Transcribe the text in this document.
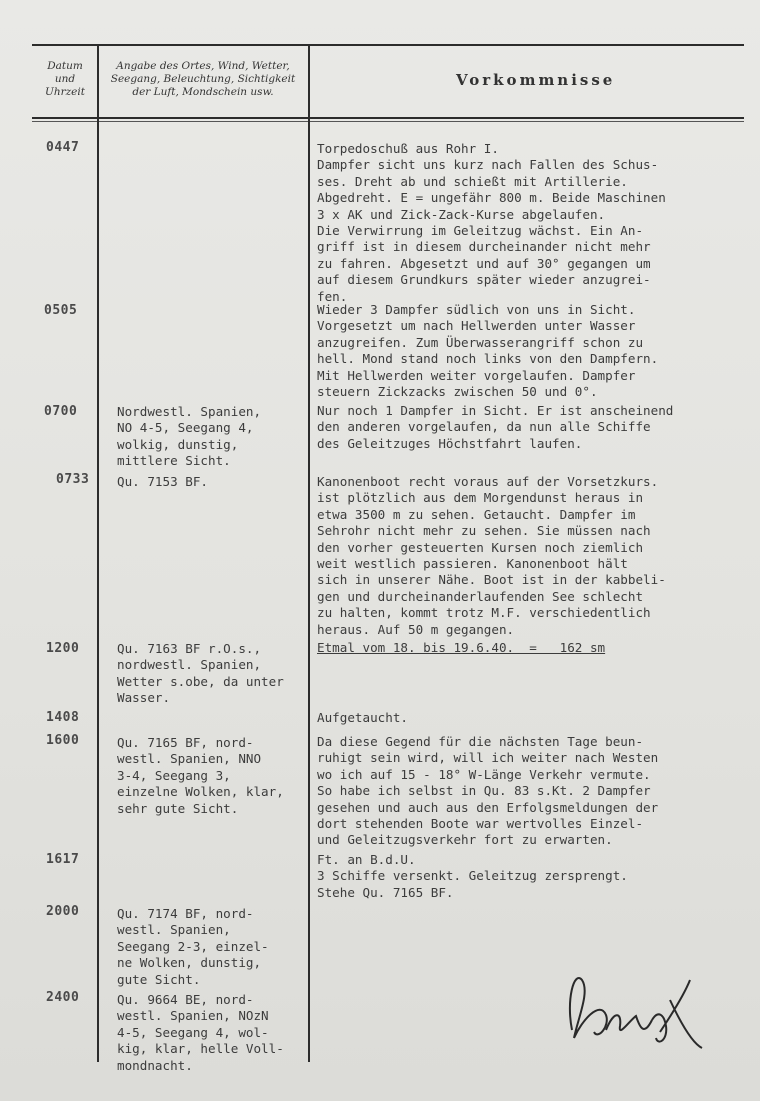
Datum
und
Uhrzeit
Angabe des Ortes, Wind, Wetter,
Seegang, Beleuchtung, Sichtigkeit
der Luft, Mondschein usw.
Vorkommnisse
0447
0505
0700
0733
1200
1408
1600
1617
2000
2400
Nordwestl. Spanien,
NO 4-5, Seegang 4,
wolkig, dunstig,
mittlere Sicht.
Qu. 7153 BF.
Qu. 7163 BF r.O.s.,
nordwestl. Spanien,
Wetter s.obe, da unter
Wasser.
Qu. 7165 BF, nord-
westl. Spanien, NNO
3-4, Seegang 3,
einzelne Wolken, klar,
sehr gute Sicht.
Qu. 7174 BF, nord-
westl. Spanien,
Seegang 2-3, einzel-
ne Wolken, dunstig,
gute Sicht.
Qu. 9664 BE, nord-
westl. Spanien, NOzN
4-5, Seegang 4, wol-
kig, klar, helle Voll-
mondnacht.
Torpedoschuß aus Rohr I.
Dampfer sicht uns kurz nach Fallen des Schus-
ses. Dreht ab und schießt mit Artillerie.
Abgedreht. E = ungefähr 800 m. Beide Maschinen
3 x AK und Zick-Zack-Kurse abgelaufen.
Die Verwirrung im Geleitzug wächst. Ein An-
griff ist in diesem durcheinander nicht mehr
zu fahren. Abgesetzt und auf 30° gegangen um
auf diesem Grundkurs später wieder anzugrei-
fen.
Wieder 3 Dampfer südlich von uns in Sicht.
Vorgesetzt um nach Hellwerden unter Wasser
anzugreifen. Zum Überwasserangriff schon zu
hell. Mond stand noch links von den Dampfern.
Mit Hellwerden weiter vorgelaufen. Dampfer
steuern Zickzacks zwischen 50 und 0°.
Nur noch 1 Dampfer in Sicht. Er ist anscheinend
den anderen vorgelaufen, da nun alle Schiffe
des Geleitzuges Höchstfahrt laufen.
Kanonenboot recht voraus auf der Vorsetzkurs.
ist plötzlich aus dem Morgendunst heraus in
etwa 3500 m zu sehen. Getaucht. Dampfer im
Sehrohr nicht mehr zu sehen. Sie müssen nach
den vorher gesteuerten Kursen noch ziemlich
weit westlich passieren. Kanonenboot hält
sich in unserer Nähe. Boot ist in der kabbeli-
gen und durcheinanderlaufenden See schlecht
zu halten, kommt trotz M.F. verschiedentlich
heraus. Auf 50 m gegangen.
Etmal vom 18. bis 19.6.40.  =   162 sm
Aufgetaucht.
Da diese Gegend für die nächsten Tage beun-
ruhigt sein wird, will ich weiter nach Westen
wo ich auf 15 - 18° W-Länge Verkehr vermute.
So habe ich selbst in Qu. 83 s.Kt. 2 Dampfer
gesehen und auch aus den Erfolgsmeldungen der
dort stehenden Boote war wertvolles Einzel-
und Geleitzugsverkehr fort zu erwarten.
Ft. an B.d.U.
3 Schiffe versenkt. Geleitzug zersprengt.
Stehe Qu. 7165 BF.
